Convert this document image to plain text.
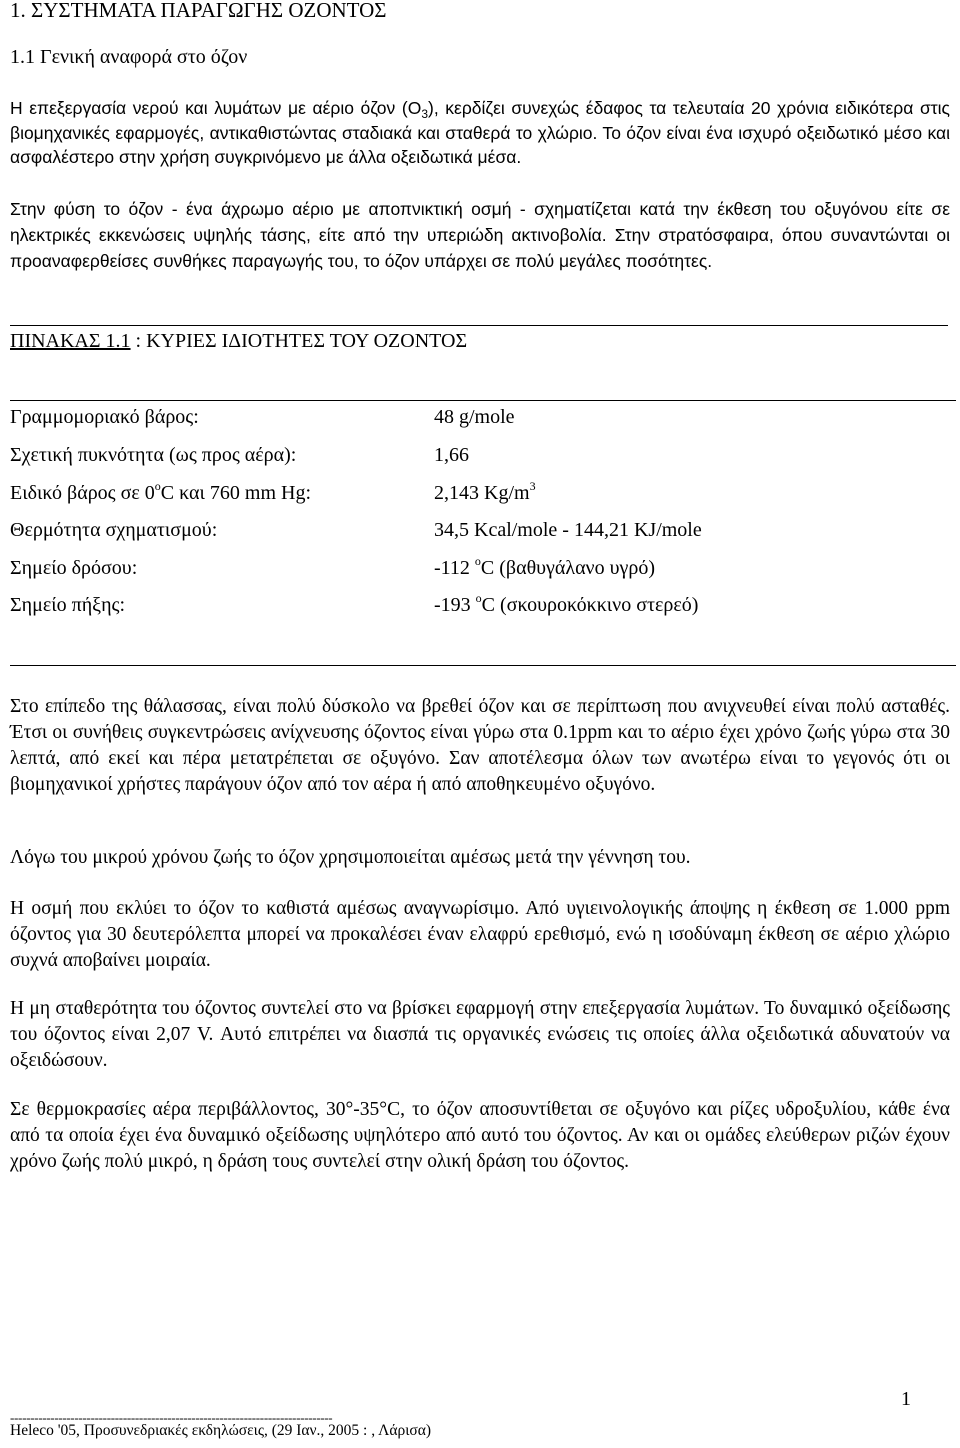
1. ΣΥΣΤΗΜΑΤΑ ΠΑΡΑΓΩΓΗΣ ΟΖΟΝΤΟΣ
1.1 Γενική αναφορά στο όζον

Η επεξεργασία νερού και λυμάτων με αέριο όζον $(O_3)$, κερδίζει συνεχώς έδαφος τα τελευταία 20 χρόνια ειδικότερα στις βιομηχανικές εφαρμογές, αντικαθιστώντας σταδιακά και σταθερά το χλώριο. Το όζον είναι ένα ισχυρό οξειδωτικό μέσο και ασφαλέστερο στην χρήση συγκρινόμενο με άλλα οξειδωτικά μέσα.

Στην φύση το όζον - ένα άχρωμο αέριο με αποπνικτική οσμή - σχηματίζεται κατά την έκθεση του οξυγόνου είτε σε ηλεκτρικές εκκενώσεις υψηλής τάσης, είτε από την υπεριώδη ακτινοβολία. Στην στρατόσφαιρα, όπου συναντώνται οι προαναφερθείσες συνθήκες παραγωγής του, το όζον υπάρχει σε πολύ μεγάλες ποσότητες.

ΠΙΝΑΚΑΣ 1.1 : ΚΥΡΙΕΣ ΙΔΙΟΤΗΤΕΣ ΤΟΥ ΟΖΟΝΤΟΣ
Γραμμομοριακό βάρος:	48 g/mole
Σχετική πυκνότητα (ως προς αέρα):	1,66
Ειδικό βάρος σε 0$^o$C και 760 mm Hg:	2,143 $Kg/m^3$
Θερμότητα σχηματισμού:	34,5 Kcal/mole - 144,21 KJ/mole
Σημείο δρόσου:	-112 $^o$C (βαθυγάλανο υγρό)
Σημείο πήξης:	-193 $^o$C (σκουροκόκκινο στερεό)

Στο επίπεδο της θάλασσας, είναι πολύ δύσκολο να βρεθεί όζον και σε περίπτωση που ανιχνευθεί είναι πολύ ασταθές. Έτσι οι συνήθεις συγκεντρώσεις ανίχνευσης όζοντος είναι γύρω στα 0.1ppm και το αέριο έχει χρόνο ζωής γύρω στα 30 λεπτά, από εκεί και πέρα μετατρέπεται σε οξυγόνο. Σαν αποτέλεσμα όλων των ανωτέρω είναι το γεγονός ότι οι βιομηχανικοί χρήστες παράγουν όζον από τον αέρα ή από αποθηκευμένο οξυγόνο.

Λόγω του μικρού χρόνου ζωής το όζον χρησιμοποιείται αμέσως μετά την γέννηση του.

Η οσμή που εκλύει το όζον το καθιστά αμέσως αναγνωρίσιμο. Από υγιεινολογικής άποψης η έκθεση σε 1.000 ppm όζοντος για 30 δευτερόλεπτα μπορεί να προκαλέσει έναν ελαφρύ ερεθισμό, ενώ η ισοδύναμη έκθεση σε αέριο χλώριο συχνά αποβαίνει μοιραία.

Η μη σταθερότητα του όζοντος συντελεί στο να βρίσκει εφαρμογή στην επεξεργασία λυμάτων. Το δυναμικό οξείδωσης του όζοντος είναι 2,07 V. Αυτό επιτρέπει να διασπά τις οργανικές ενώσεις τις οποίες άλλα οξειδωτικά αδυνατούν να οξειδώσουν.

Σε θερμοκρασίες αέρα περιβάλλοντος, 30°-35°C, το όζον αποσυντίθεται σε οξυγόνο και ρίζες υδροξυλίου, κάθε ένα από τα οποία έχει ένα δυναμικό οξείδωσης υψηλότερο από αυτό του όζοντος. Αν και οι ομάδες ελεύθερων ριζών έχουν χρόνο ζωής πολύ μικρό, η δράση τους συντελεί στην ολική δράση του όζοντος.

1
--------------------------------------------------------------------------------
Heleco '05, Προσυνεδριακές εκδηλώσεις, (29 Ιαν., 2005 : , Λάρισα)
